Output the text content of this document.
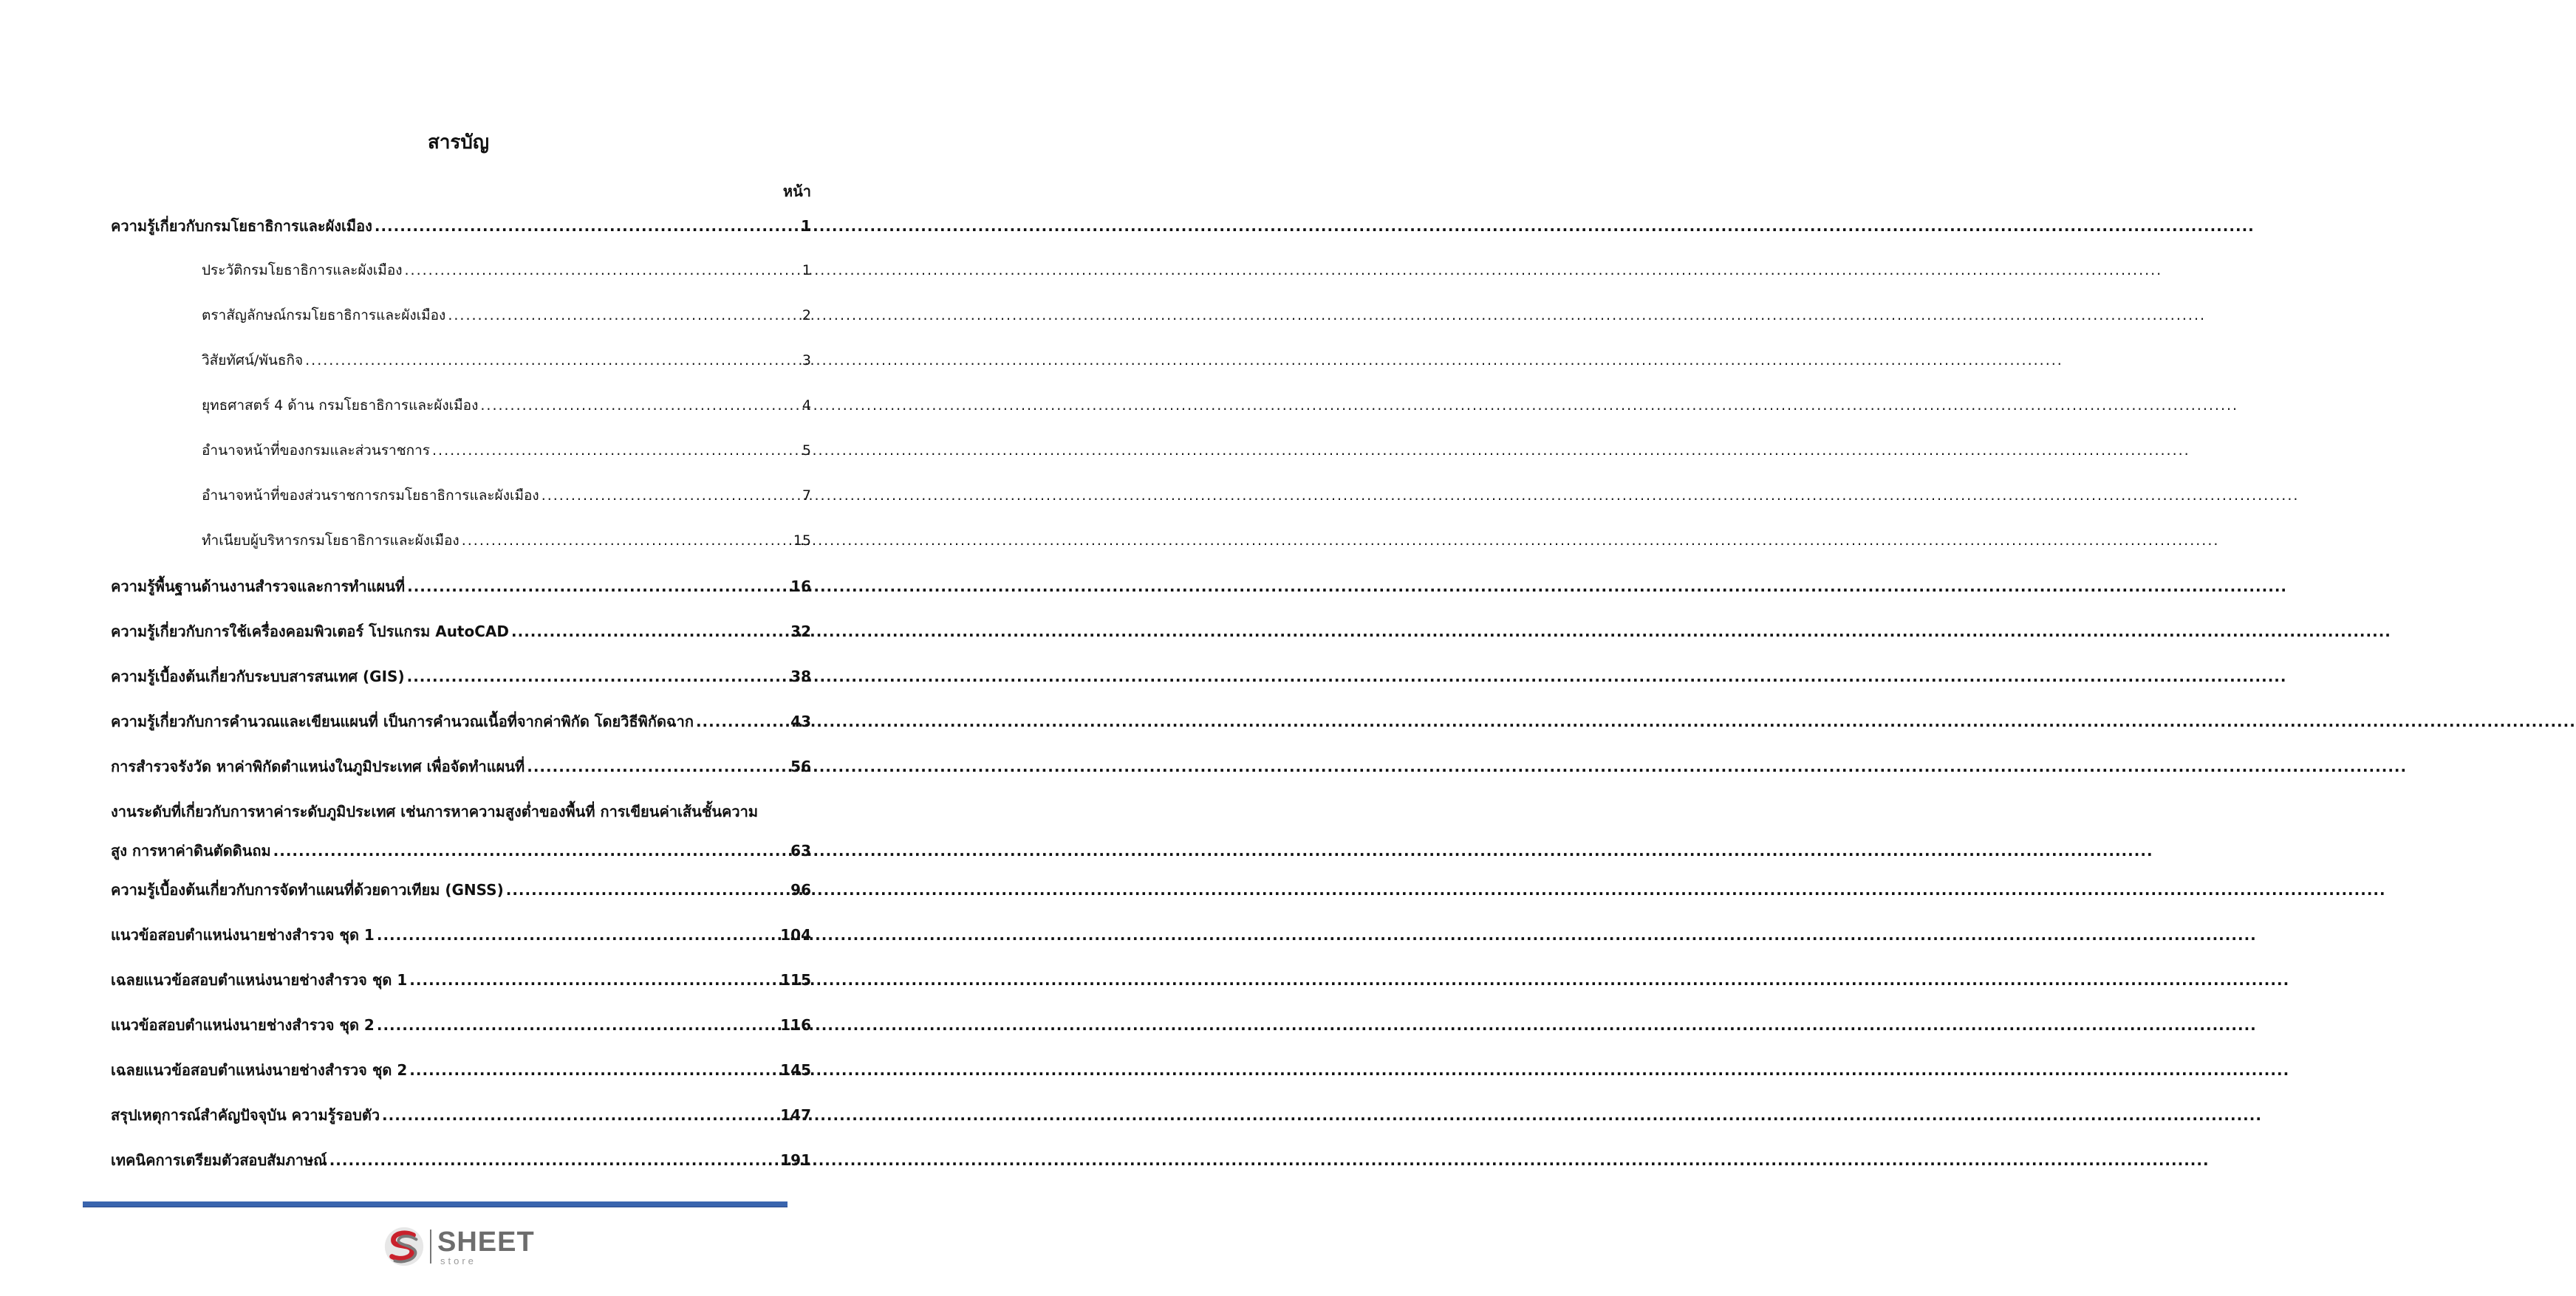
สารบัญ
หน้า
ความรู้เกี่ยวกับกรมโยธาธิการและผังเมือง .....	1
ประวัติกรมโยธาธิการและผังเมือง .....	1
ตราสัญลักษณ์กรมโยธาธิการและผังเมือง .....	2
วิสัยทัศน์/พันธกิจ .....	3
ยุทธศาสตร์ 4 ด้าน กรมโยธาธิการและผังเมือง .....	4
อำนาจหน้าที่ของกรมและส่วนราชการ .....	5
อำนาจหน้าที่ของส่วนราชการกรมโยธาธิการและผังเมือง .....	7
ทำเนียบผู้บริหารกรมโยธาธิการและผังเมือง .....	15
ความรู้พื้นฐานด้านงานสำรวจและการทำแผนที่ .....	16
ความรู้เกี่ยวกับการใช้เครื่องคอมพิวเตอร์ โปรแกรม AutoCAD .....	32
ความรู้เบื้องต้นเกี่ยวกับระบบสารสนเทศ (GIS) .....	38
ความรู้เกี่ยวกับการคำนวณและเขียนแผนที่ เป็นการคำนวณเนื้อที่จากค่าพิกัด โดยวิธีพิกัดฉาก .....	43
การสำรวจรังวัด หาค่าพิกัดตำแหน่งในภูมิประเทศ เพื่อจัดทำแผนที่ .....	56
งานระดับที่เกี่ยวกับการหาค่าระดับภูมิประเทศ เช่นการหาความสูงต่ำของพื้นที่ การเขียนค่าเส้นชั้นความ
สูง การหาค่าดินตัดดินถม .....	63
ความรู้เบื้องต้นเกี่ยวกับการจัดทำแผนที่ด้วยดาวเทียม (GNSS) .....	96
แนวข้อสอบตำแหน่งนายช่างสำรวจ ชุด 1 .....	104
เฉลยแนวข้อสอบตำแหน่งนายช่างสำรวจ ชุด 1 .....	115
แนวข้อสอบตำแหน่งนายช่างสำรวจ ชุด 2 .....	116
เฉลยแนวข้อสอบตำแหน่งนายช่างสำรวจ ชุด 2 .....	145
สรุปเหตุการณ์สำคัญปัจจุบัน ความรู้รอบตัว .....	147
เทคนิคการเตรียมตัวสอบสัมภาษณ์ .....	191
SHEET
store
